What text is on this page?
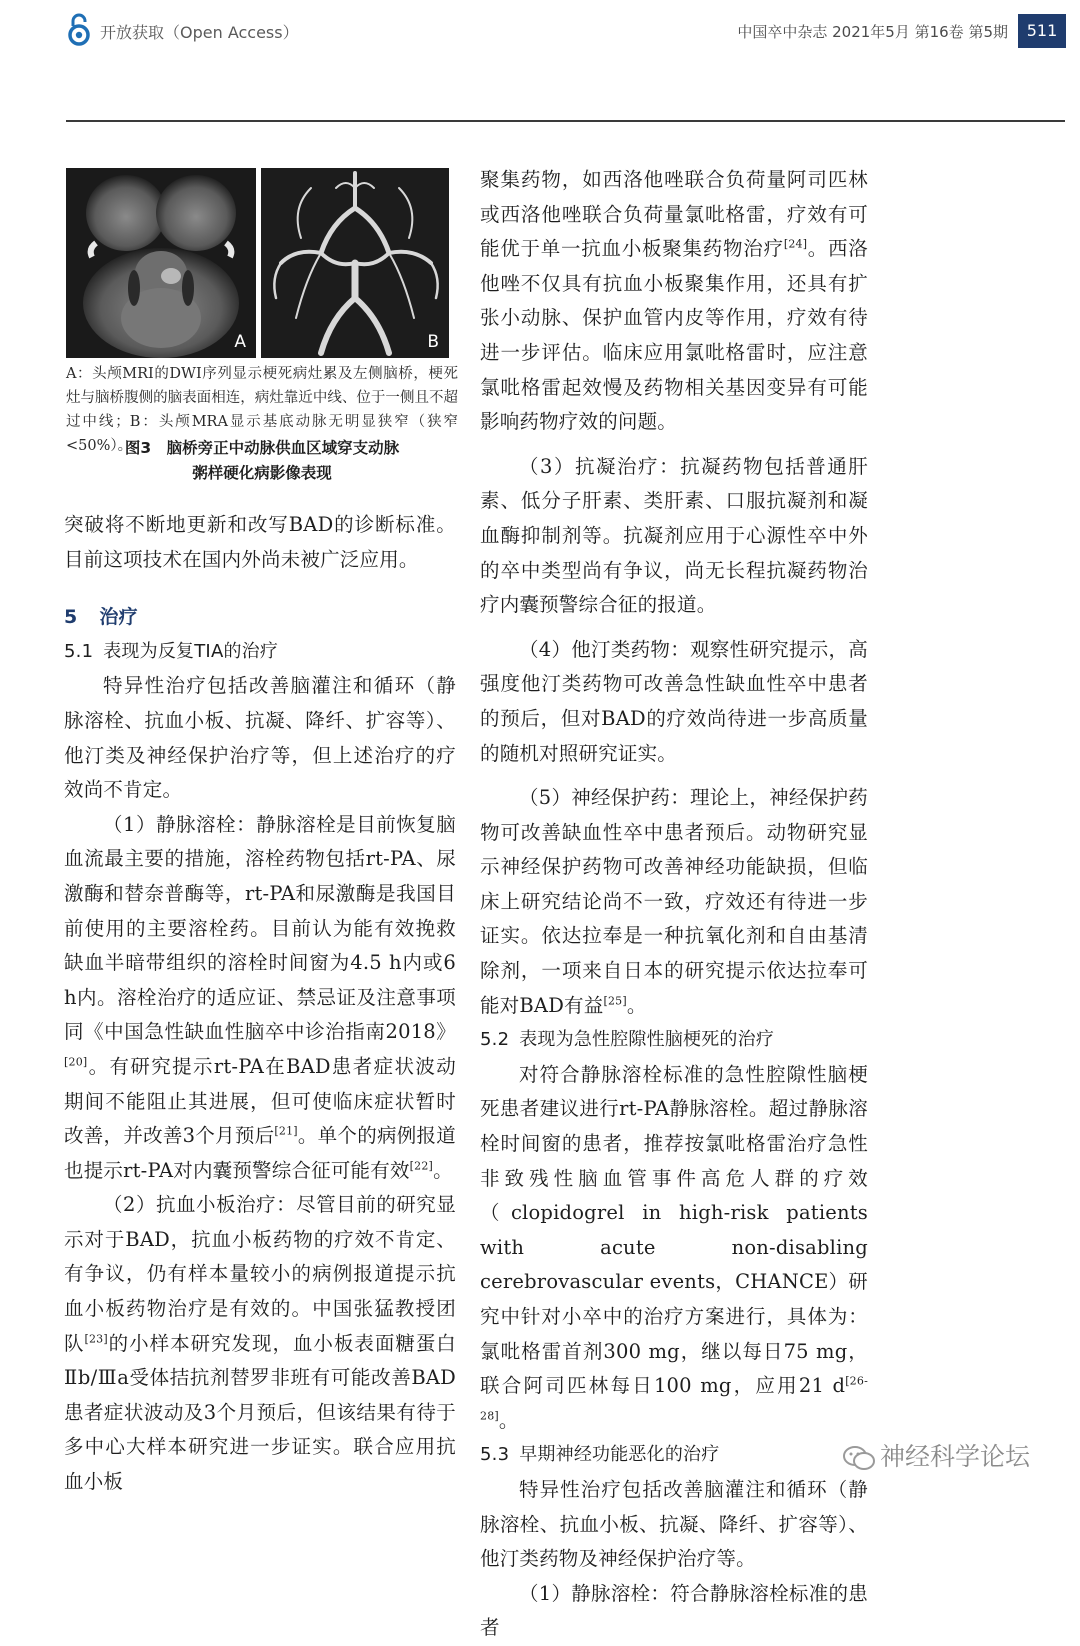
开放获取（Open Access）	中国卒中杂志 2021年5月 第16卷 第5期	511
A	B
A：头颅MRI的DWI序列显示梗死病灶累及左侧脑桥，梗死灶与脑桥腹侧的脑表面相连，病灶靠近中线、位于一侧且不超过中线；B：头颅MRA显示基底动脉无明显狭窄（狭窄<50%）。
图3　脑桥旁正中动脉供血区域穿支动脉
粥样硬化病影像表现

突破将不断地更新和改写BAD的诊断标准。目前这项技术在国内外尚未被广泛应用。

5 治疗

5.1 表现为反复TIA的治疗

特异性治疗包括改善脑灌注和循环（静脉溶栓、抗血小板、抗凝、降纤、扩容等）、他汀类及神经保护治疗等，但上述治疗的疗效尚不肯定。

（1）静脉溶栓：静脉溶栓是目前恢复脑血流最主要的措施，溶栓药物包括rt-PA、尿激酶和替奈普酶等，rt-PA和尿激酶是我国目前使用的主要溶栓药。目前认为能有效挽救缺血半暗带组织的溶栓时间窗为4.5 h内或6 h内。溶栓治疗的适应证、禁忌证及注意事项同《中国急性缺血性脑卒中诊治指南2018》[20]。有研究提示rt-PA在BAD患者症状波动期间不能阻止其进展，但可使临床症状暂时改善，并改善3个月预后[21]。单个的病例报道也提示rt-PA对内囊预警综合征可能有效[22]。

（2）抗血小板治疗：尽管目前的研究显示对于BAD，抗血小板药物的疗效不肯定、有争议，仍有样本量较小的病例报道提示抗血小板药物治疗是有效的。中国张猛教授团队[23]的小样本研究发现，血小板表面糖蛋白Ⅱb/Ⅲa受体拮抗剂替罗非班有可能改善BAD患者症状波动及3个月预后，但该结果有待于多中心大样本研究进一步证实。联合应用抗血小板

聚集药物，如西洛他唑联合负荷量阿司匹林或西洛他唑联合负荷量氯吡格雷，疗效有可能优于单一抗血小板聚集药物治疗[24]。西洛他唑不仅具有抗血小板聚集作用，还具有扩张小动脉、保护血管内皮等作用，疗效有待进一步评估。临床应用氯吡格雷时，应注意氯吡格雷起效慢及药物相关基因变异有可能影响药物疗效的问题。

（3）抗凝治疗：抗凝药物包括普通肝素、低分子肝素、类肝素、口服抗凝剂和凝血酶抑制剂等。抗凝剂应用于心源性卒中外的卒中类型尚有争议，尚无长程抗凝药物治疗内囊预警综合征的报道。

（4）他汀类药物：观察性研究提示，高强度他汀类药物可改善急性缺血性卒中患者的预后，但对BAD的疗效尚待进一步高质量的随机对照研究证实。

（5）神经保护药：理论上，神经保护药物可改善缺血性卒中患者预后。动物研究显示神经保护药物可改善神经功能缺损，但临床上研究结论尚不一致，疗效还有待进一步证实。依达拉奉是一种抗氧化剂和自由基清除剂，一项来自日本的研究提示依达拉奉可能对BAD有益[25]。

5.2 表现为急性腔隙性脑梗死的治疗

对符合静脉溶栓标准的急性腔隙性脑梗死患者建议进行rt-PA静脉溶栓。超过静脉溶栓时间窗的患者，推荐按氯吡格雷治疗急性非致残性脑血管事件高危人群的疗效（clopidogrel in high-risk patients with acute non-disabling cerebrovascular events，CHANCE）研究中针对小卒中的治疗方案进行，具体为：氯吡格雷首剂300 mg，继以每日75 mg，联合阿司匹林每日100 mg，应用21 d[26-28]。

5.3 早期神经功能恶化的治疗

特异性治疗包括改善脑灌注和循环（静脉溶栓、抗血小板、抗凝、降纤、扩容等）、他汀类药物及神经保护治疗等。

（1）静脉溶栓：符合静脉溶栓标准的患者

神经科学论坛
